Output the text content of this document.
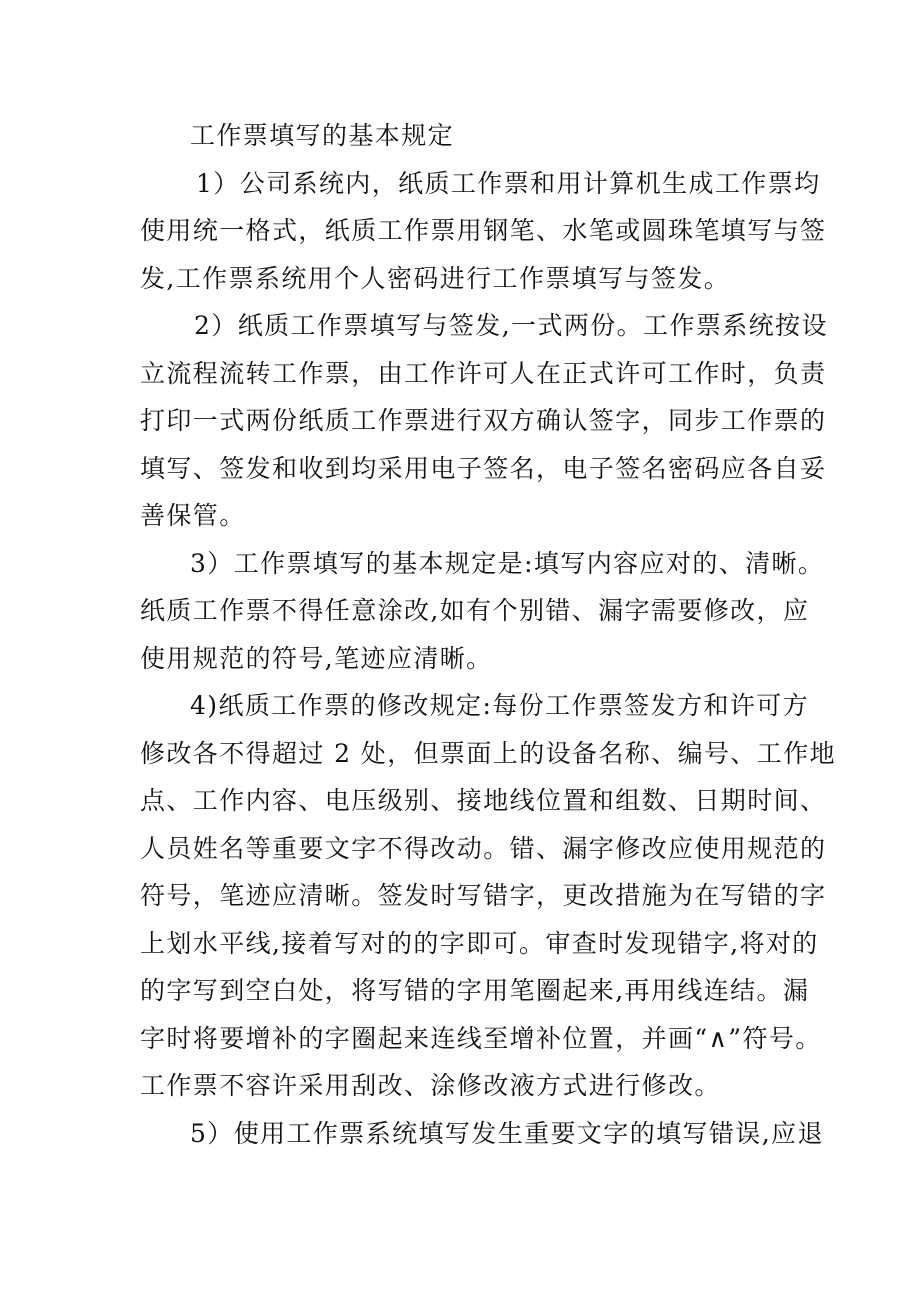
工作票填写的基本规定
1）公司系统内，纸质工作票和用计算机生成工作票均
使用统一格式，纸质工作票用钢笔、水笔或圆珠笔填写与签
发,工作票系统用个人密码进行工作票填写与签发。
2）纸质工作票填写与签发,一式两份。工作票系统按设
立流程流转工作票，由工作许可人在正式许可工作时，负责
打印一式两份纸质工作票进行双方确认签字，同步工作票的
填写、签发和收到均采用电子签名，电子签名密码应各自妥
善保管。
3）工作票填写的基本规定是:填写内容应对的、清晰。
纸质工作票不得任意涂改,如有个别错、漏字需要修改，应
使用规范的符号,笔迹应清晰。
4)纸质工作票的修改规定:每份工作票签发方和许可方
修改各不得超过 2 处，但票面上的设备名称、编号、工作地
点、工作内容、电压级别、接地线位置和组数、日期时间、
人员姓名等重要文字不得改动。错、漏字修改应使用规范的
符号，笔迹应清晰。签发时写错字，更改措施为在写错的字
上划水平线,接着写对的的字即可。审查时发现错字,将对的
的字写到空白处，将写错的字用笔圈起来,再用线连结。漏
字时将要增补的字圈起来连线至增补位置，并画“∧”符号。
工作票不容许采用刮改、涂修改液方式进行修改。
5）使用工作票系统填写发生重要文字的填写错误,应退
